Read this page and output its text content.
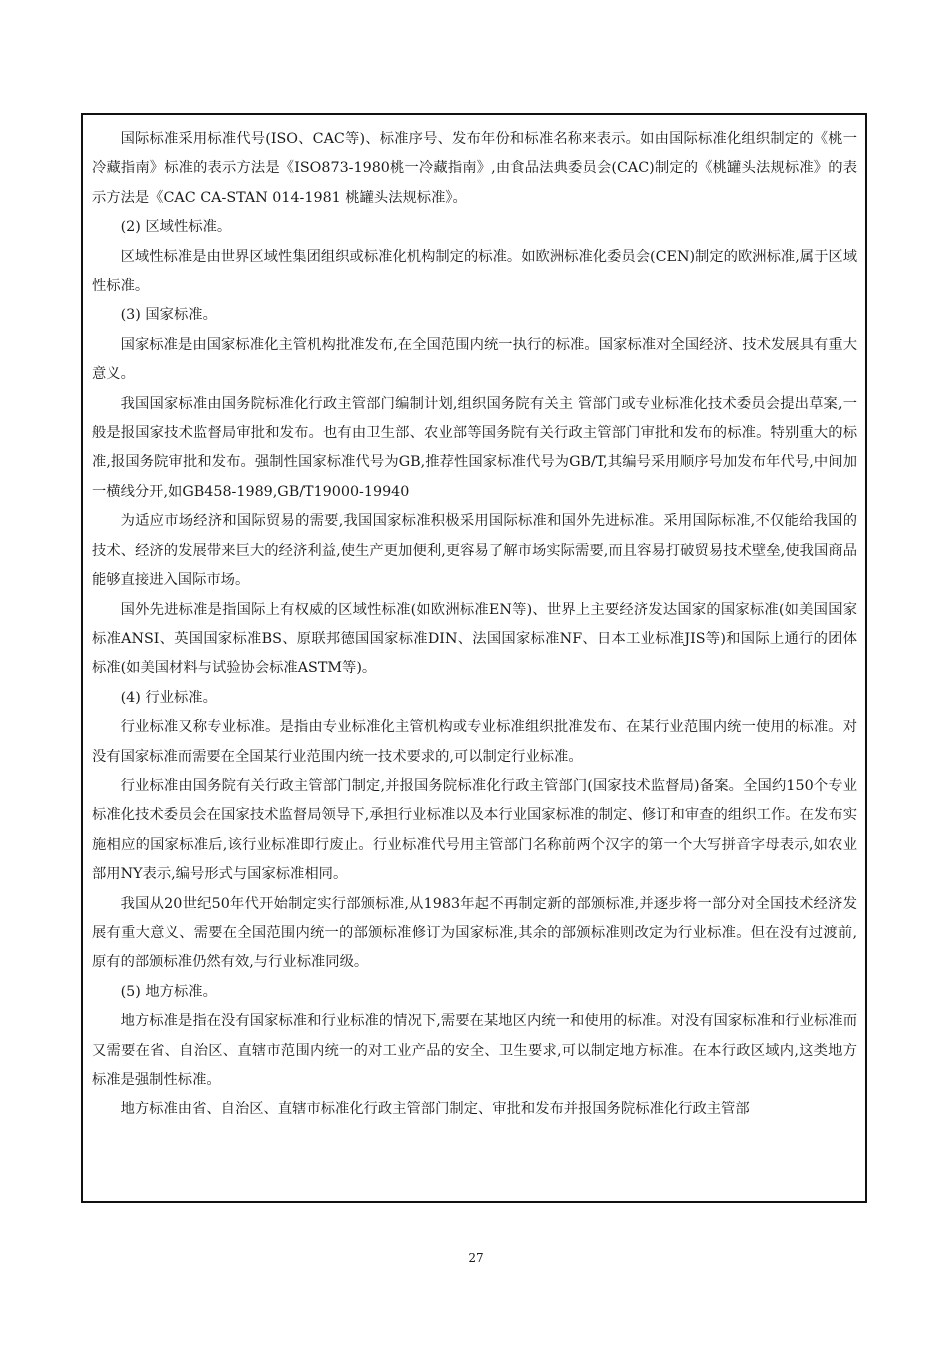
国际标准采用标准代号(ISO、CAC等)、标准序号、发布年份和标准名称来表示。如由国际标准化组织制定的《桃一冷藏指南》标准的表示方法是《ISO873-1980桃一冷藏指南》,由食品法典委员会(CAC)制定的《桃罐头法规标准》的表示方法是《CAC CA-STAN 014-1981 桃罐头法规标准》。

(2) 区域性标准。

区域性标准是由世界区域性集团组织或标准化机构制定的标准。如欧洲标准化委员会(CEN)制定的欧洲标准,属于区域性标准。

(3) 国家标准。

国家标准是由国家标准化主管机构批准发布,在全国范围内统一执行的标准。国家标准对全国经济、技术发展具有重大意义。

我国国家标准由国务院标准化行政主管部门编制计划,组织国务院有关主 管部门或专业标准化技术委员会提出草案,一般是报国家技术监督局审批和发布。也有由卫生部、农业部等国务院有关行政主管部门审批和发布的标准。特别重大的标准,报国务院审批和发布。强制性国家标准代号为GB,推荐性国家标准代号为GB/T,其编号采用顺序号加发布年代号,中间加一横线分开,如GB458-1989,GB/T19000-19940

为适应市场经济和国际贸易的需要,我国国家标准积极采用国际标准和国外先进标准。采用国际标准,不仅能给我国的技术、经济的发展带来巨大的经济利益,使生产更加便利,更容易了解市场实际需要,而且容易打破贸易技术壁垒,使我国商品能够直接进入国际市场。

国外先进标准是指国际上有权威的区域性标准(如欧洲标准EN等)、世界上主要经济发达国家的国家标准(如美国国家标准ANSI、英国国家标准BS、原联邦德国国家标准DIN、法国国家标准NF、日本工业标准JIS等)和国际上通行的团体标准(如美国材料与试验协会标准ASTM等)。

(4) 行业标准。

行业标准又称专业标准。是指由专业标准化主管机构或专业标准组织批准发布、在某行业范围内统一使用的标准。对没有国家标准而需要在全国某行业范围内统一技术要求的,可以制定行业标准。

行业标准由国务院有关行政主管部门制定,并报国务院标准化行政主管部门(国家技术监督局)备案。全国约150个专业标准化技术委员会在国家技术监督局领导下,承担行业标准以及本行业国家标准的制定、修订和审查的组织工作。在发布实施相应的国家标准后,该行业标准即行废止。行业标准代号用主管部门名称前两个汉字的第一个大写拼音字母表示,如农业部用NY表示,编号形式与国家标准相同。

我国从20世纪50年代开始制定实行部颁标准,从1983年起不再制定新的部颁标准,并逐步将一部分对全国技术经济发展有重大意义、需要在全国范围内统一的部颁标准修订为国家标准,其余的部颁标准则改定为行业标准。但在没有过渡前,原有的部颁标准仍然有效,与行业标准同级。

(5) 地方标准。

地方标准是指在没有国家标准和行业标准的情况下,需要在某地区内统一和使用的标准。对没有国家标准和行业标准而又需要在省、自治区、直辖市范围内统一的对工业产品的安全、卫生要求,可以制定地方标准。在本行政区域内,这类地方标准是强制性标准。

地方标准由省、自治区、直辖市标准化行政主管部门制定、审批和发布并报国务院标准化行政主管部

27
